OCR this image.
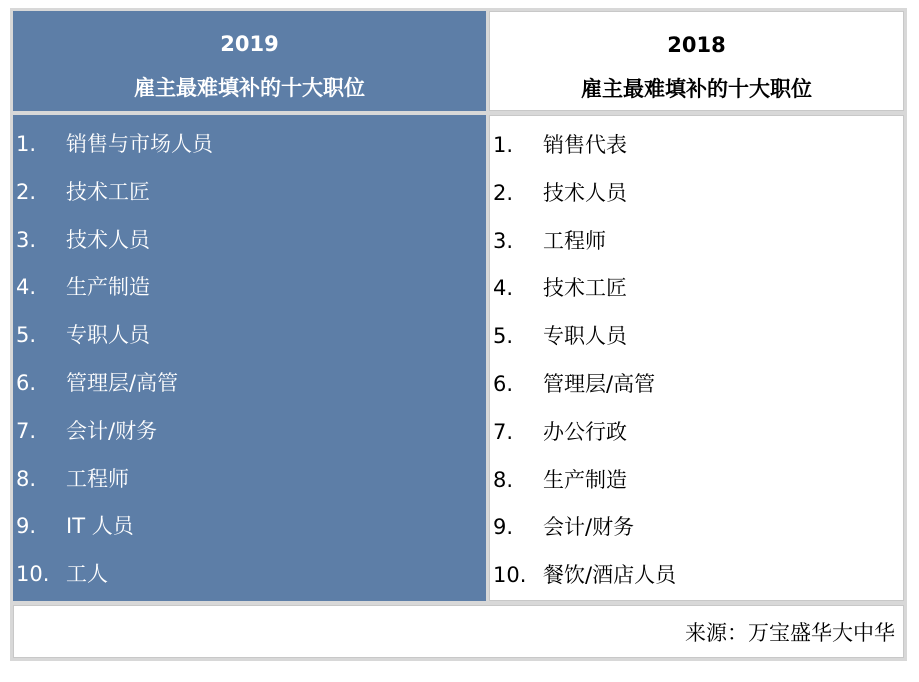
2019
雇主最难填补的十大职位
2018
雇主最难填补的十大职位
1. 销售与市场人员
2. 技术工匠
3. 技术人员
4. 生产制造
5. 专职人员
6. 管理层/高管
7. 会计/财务
8. 工程师
9. IT 人员
10. 工人
1. 销售代表
2. 技术人员
3. 工程师
4. 技术工匠
5. 专职人员
6. 管理层/高管
7. 办公行政
8. 生产制造
9. 会计/财务
10. 餐饮/酒店人员
来源：万宝盛华大中华
